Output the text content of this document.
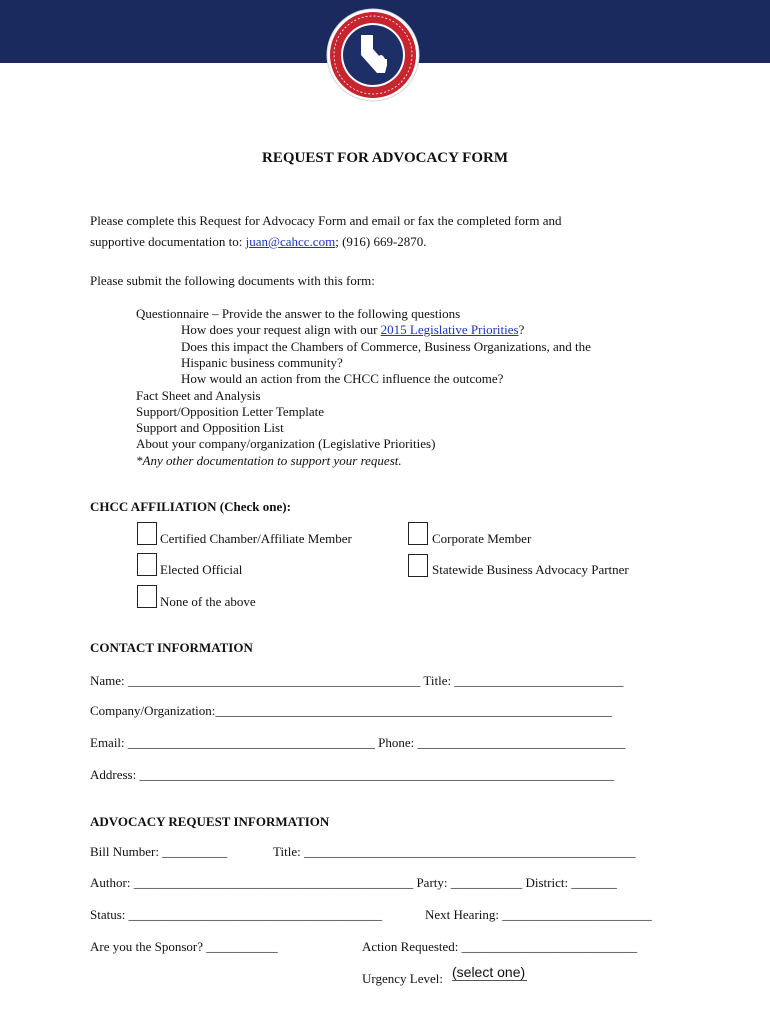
REQUEST FOR ADVOCACY FORM
Please complete this Request for Advocacy Form and email or fax the completed form and
supportive documentation to: juan@cahcc.com; (916) 669-2870.
Please submit the following documents with this form:
Questionnaire – Provide the answer to the following questions
How does your request align with our 2015 Legislative Priorities?
Does this impact the Chambers of Commerce, Business Organizations, and the
Hispanic business community?
How would an action from the CHCC influence the outcome?
Fact Sheet and Analysis
Support/Opposition Letter Template
Support and Opposition List
About your company/organization (Legislative Priorities)
*Any other documentation to support your request.
CHCC AFFILIATION (Check one):
Certified Chamber/Affiliate Member	Corporate Member
Elected Official	Statewide Business Advocacy Partner
None of the above
CONTACT INFORMATION
Name: _____________________________________________ Title: __________________________
Company/Organization:_____________________________________________________________
Email: ______________________________________ Phone: ________________________________
Address: _________________________________________________________________________
ADVOCACY REQUEST INFORMATION
Bill Number: __________	Title: ___________________________________________________
Author: ___________________________________________ Party: ___________ District: _______
Status: _______________________________________	Next Hearing: _______________________
Are you the Sponsor? ___________	Action Requested: ___________________________
Urgency Level: (select one)
